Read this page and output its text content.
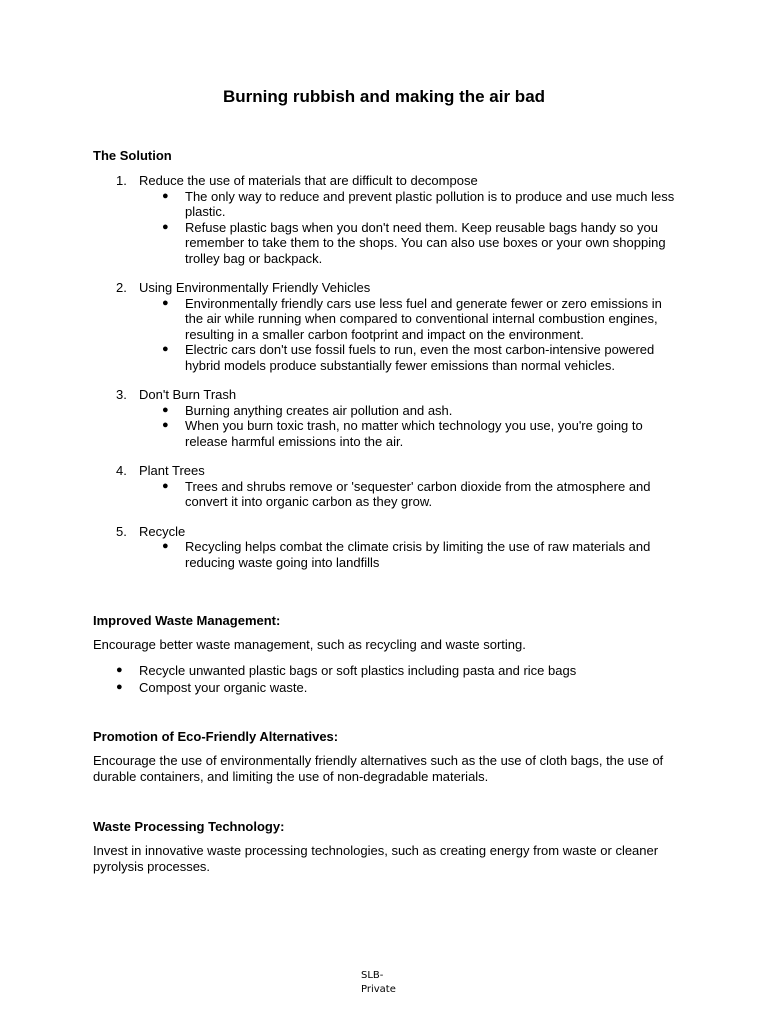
Burning rubbish and making the air bad
The Solution
1. Reduce the use of materials that are difficult to decompose
● The only way to reduce and prevent plastic pollution is to produce and use much less plastic.
● Refuse plastic bags when you don't need them. Keep reusable bags handy so you remember to take them to the shops. You can also use boxes or your own shopping trolley bag or backpack.
2. Using Environmentally Friendly Vehicles
● Environmentally friendly cars use less fuel and generate fewer or zero emissions in the air while running when compared to conventional internal combustion engines, resulting in a smaller carbon footprint and impact on the environment.
● Electric cars don't use fossil fuels to run, even the most carbon-intensive powered hybrid models produce substantially fewer emissions than normal vehicles.
3. Don't Burn Trash
● Burning anything creates air pollution and ash.
● When you burn toxic trash, no matter which technology you use, you're going to release harmful emissions into the air.
4. Plant Trees
● Trees and shrubs remove or 'sequester' carbon dioxide from the atmosphere and convert it into organic carbon as they grow.
5. Recycle
● Recycling helps combat the climate crisis by limiting the use of raw materials and reducing waste going into landfills
Improved Waste Management:

Encourage better waste management, such as recycling and waste sorting.

● Recycle unwanted plastic bags or soft plastics including pasta and rice bags
● Compost your organic waste.
Promotion of Eco-Friendly Alternatives:

Encourage the use of environmentally friendly alternatives such as the use of cloth bags, the use of durable containers, and limiting the use of non-degradable materials.

Waste Processing Technology:

Invest in innovative waste processing technologies, such as creating energy from waste or cleaner pyrolysis processes.

SLB-
Private
